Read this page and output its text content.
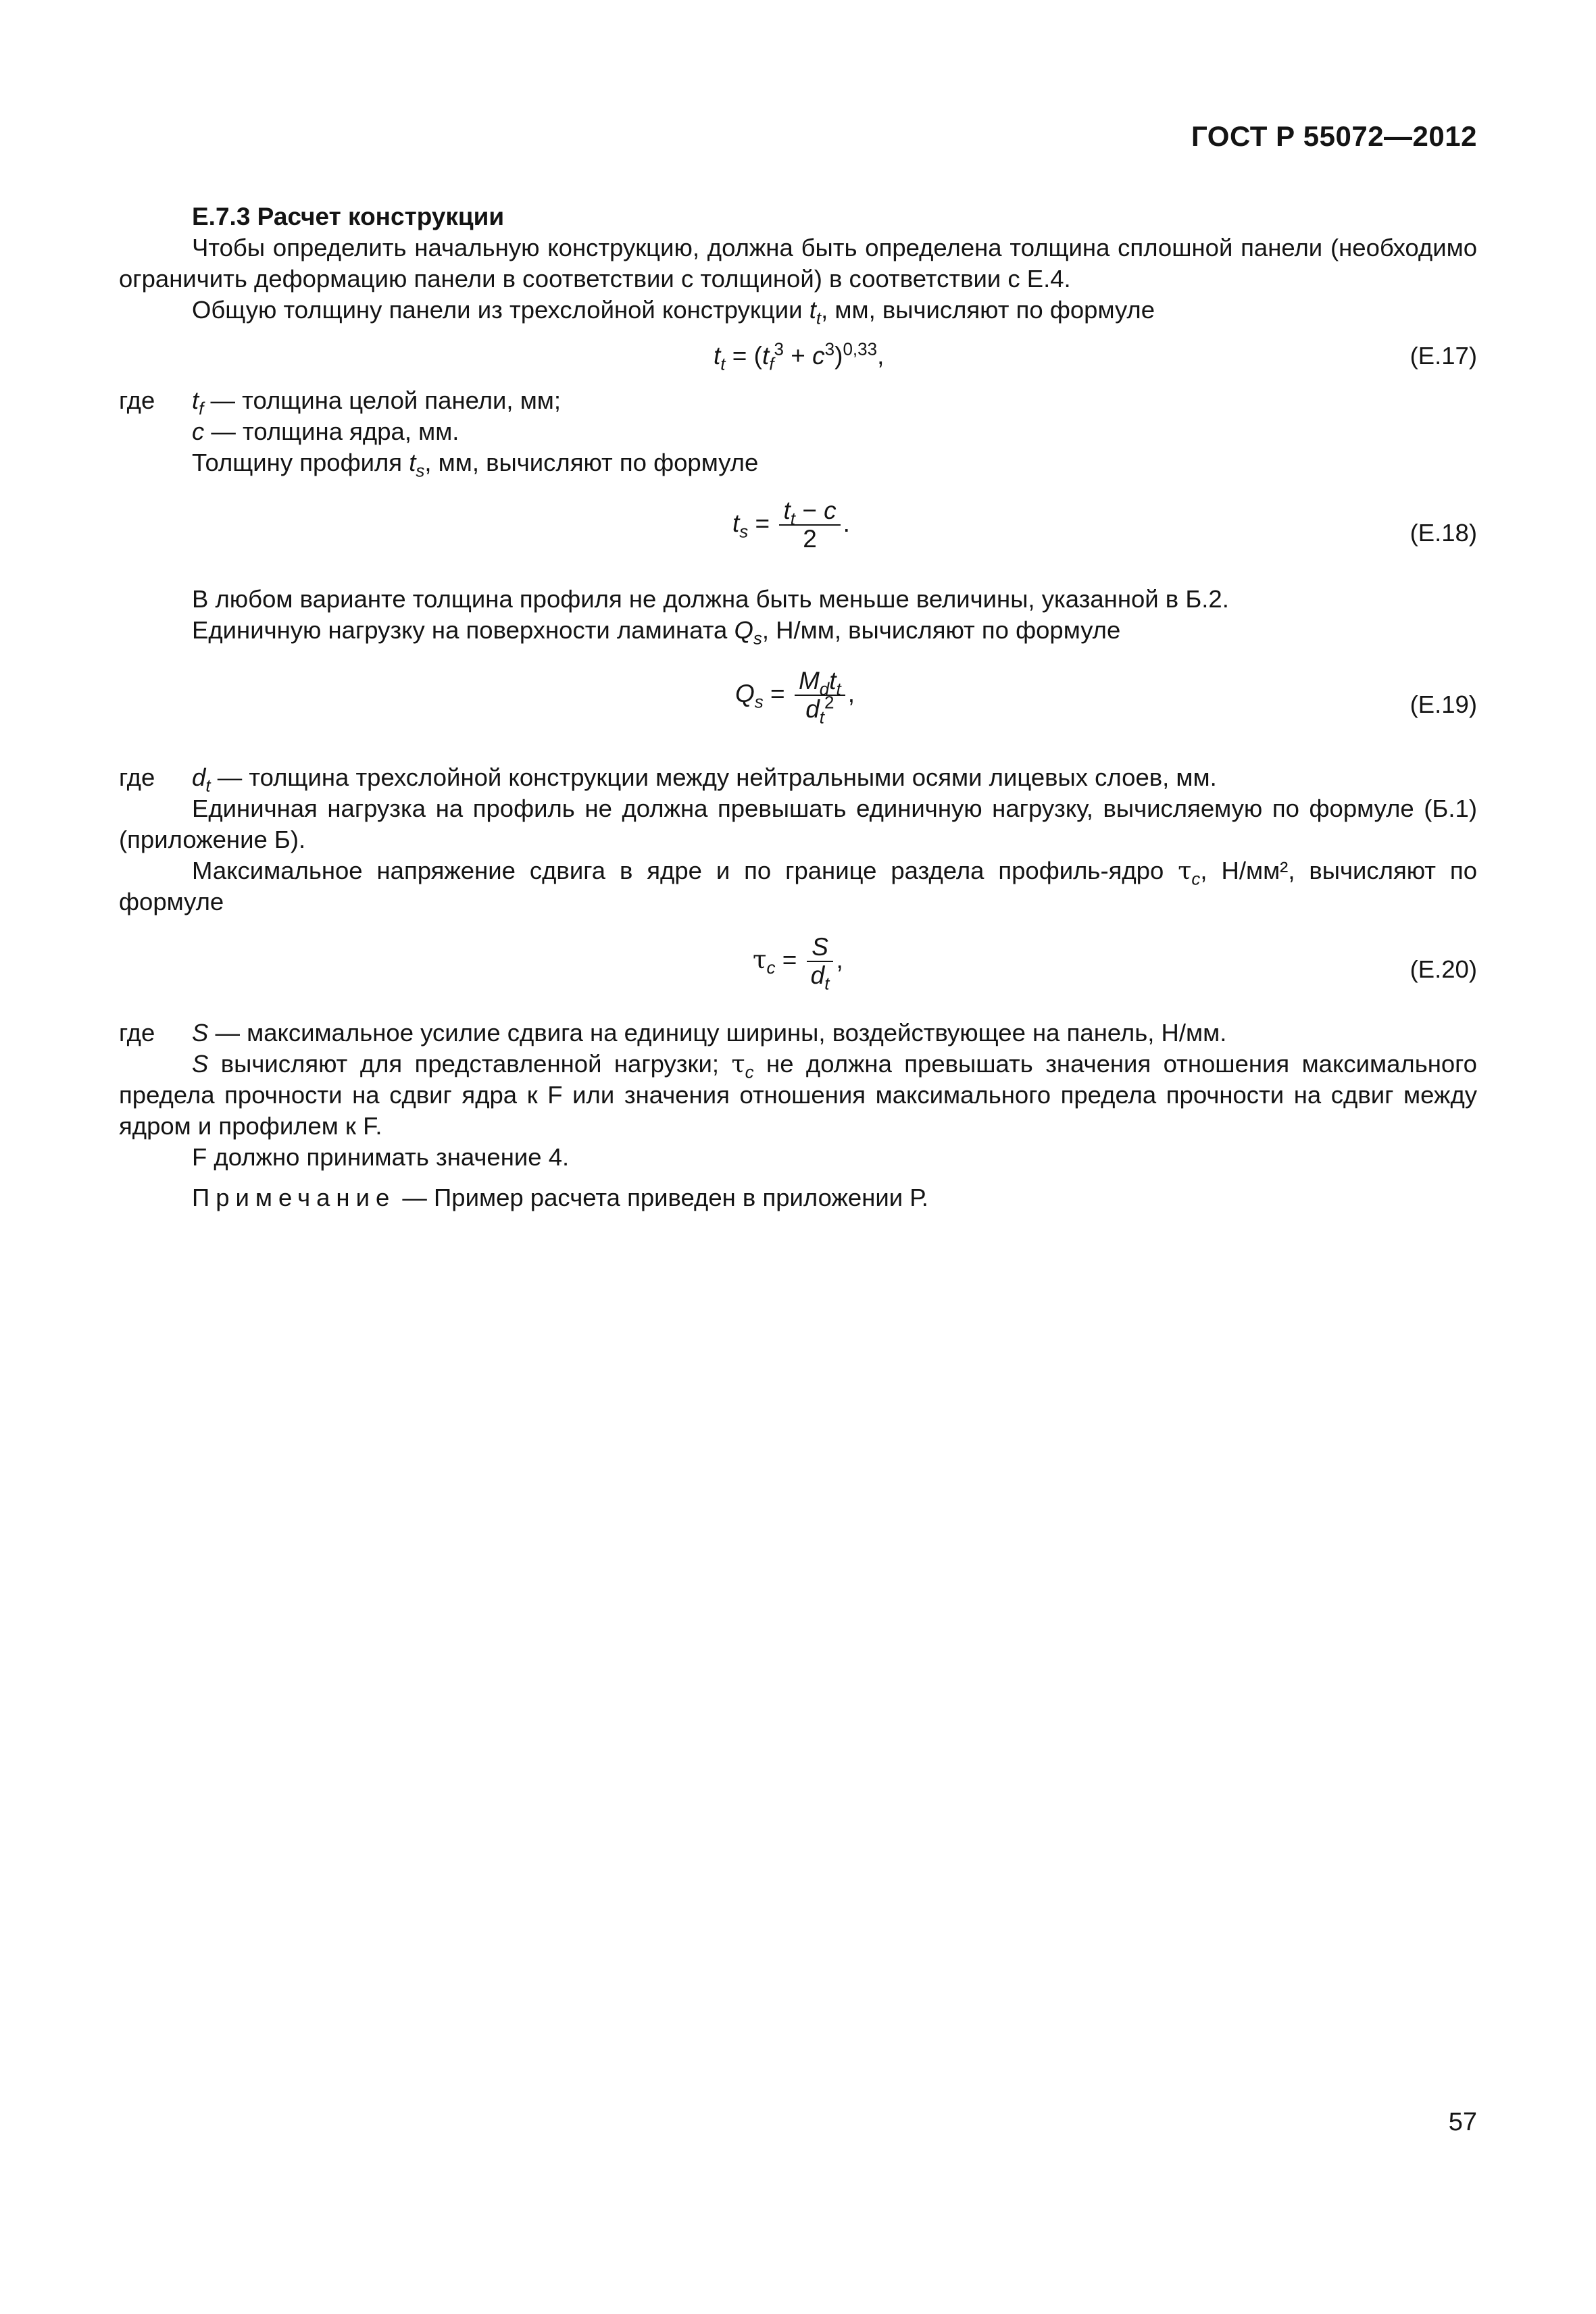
ГОСТ Р 55072—2012
Е.7.3 Расчет конструкции

Чтобы определить начальную конструкцию, должна быть определена толщина сплошной панели (необходимо ограничить деформацию панели в соответствии с толщиной) в соответствии с Е.4.

Общую толщину панели из трехслойной конструкции $t_t$, мм, вычисляют по формуле

$t_t = (t_f^3 + c^3)^{0,33}$,	(Е.17)
где	$t_f$ — толщина целой панели, мм;
c — толщина ядра, мм.

Толщину профиля $t_s$, мм, вычисляют по формуле

$t_s = \frac{t_t - c}{2}$ .	(Е.18)

В любом варианте толщина профиля не должна быть меньше величины, указанной в Б.2.

Единичную нагрузку на поверхности ламината $Q_s$, Н/мм, вычисляют по формуле

$Q_s = \frac{M_dt_t}{d_t^2}$ ,	(Е.19)
где	$d_t$ — толщина трехслойной конструкции между нейтральными осями лицевых слоев, мм.

Единичная нагрузка на профиль не должна превышать единичную нагрузку, вычисляемую по формуле (Б.1) (приложение Б).

Максимальное напряжение сдвига в ядре и по границе раздела профиль-ядро $\tau_c$, Н/мм², вычисляют по формуле

$\tau_c = \frac{S}{d_t}$ ,	(Е.20)
где	S — максимальное усилие сдвига на единицу ширины, воздействующее на панель, Н/мм.

S вычисляют для представленной нагрузки; $\tau_c$ не должна превышать значения отношения максимального предела прочности на сдвиг ядра к F или значения отношения максимального предела прочности на сдвиг между ядром и профилем к F.

F должно принимать значение 4.

Примечание — Пример расчета приведен в приложении Р.

57
